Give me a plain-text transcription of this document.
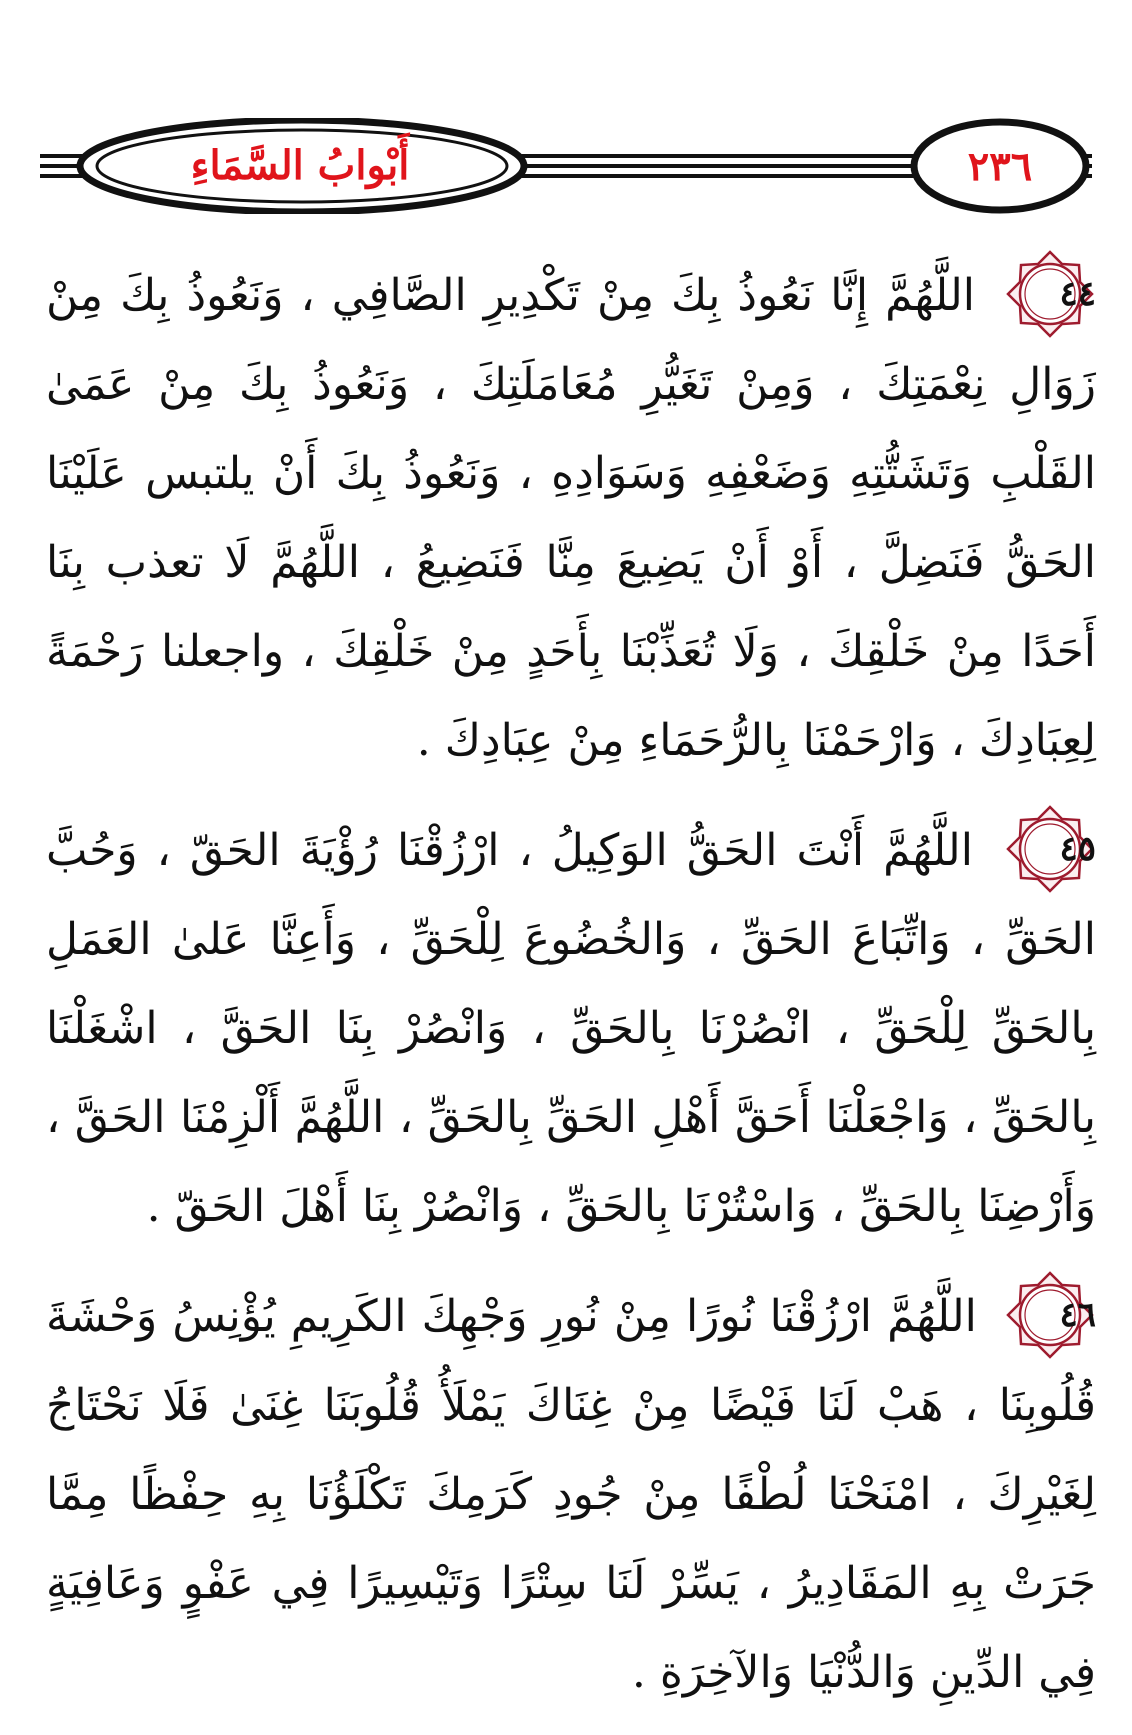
أَبْوابُ السَّمَاءِ	٢٣٦

٤٤
اللَّهُمَّ إِنَّا نَعُوذُ بِكَ مِنْ تَكْدِيرِ الصَّافِي ، وَنَعُوذُ بِكَ مِنْ زَوَالِ نِعْمَتِكَ ، وَمِنْ تَغَيُّرِ مُعَامَلَتِكَ ، وَنَعُوذُ بِكَ مِنْ عَمَىٰ القَلْبِ وَتَشَتُّتِهِ وَضَعْفِهِ وَسَوَادِهِ ، وَنَعُوذُ بِكَ أَنْ يلتبس عَلَيْنَا الحَقُّ فَنَضِلَّ ، أَوْ أَنْ يَضِيعَ مِنَّا فَنَضِيعُ ، اللَّهُمَّ لَا تعذب بِنَا أَحَدًا مِنْ خَلْقِكَ ، وَلَا تُعَذِّبْنَا بِأَحَدٍ مِنْ خَلْقِكَ ، واجعلنا رَحْمَةً لِعِبَادِكَ ، وَارْحَمْنَا بِالرُّحَمَاءِ مِنْ عِبَادِكَ .

٤٥
اللَّهُمَّ أَنْتَ الحَقُّ الوَكِيلُ ، ارْزُقْنَا رُؤْيَةَ الحَقّ ، وَحُبَّ الحَقِّ ، وَاتِّبَاعَ الحَقِّ ، وَالخُضُوعَ لِلْحَقِّ ، وَأَعِنَّا عَلىٰ العَمَلِ بِالحَقِّ لِلْحَقِّ ، انْصُرْنَا بِالحَقِّ ، وَانْصُرْ بِنَا الحَقَّ ، اشْغَلْنَا بِالحَقِّ ، وَاجْعَلْنَا أَحَقَّ أَهْلِ الحَقِّ بِالحَقِّ ، اللَّهُمَّ أَلْزِمْنَا الحَقَّ ، وَأَرْضِنَا بِالحَقِّ ، وَاسْتُرْنَا بِالحَقِّ ، وَانْصُرْ بِنَا أَهْلَ الحَقّ .

٤٦
اللَّهُمَّ ارْزُقْنَا نُورًا مِنْ نُورِ وَجْهِكَ الكَرِيمِ يُؤْنِسُ وَحْشَةَ قُلُوبِنَا ، هَبْ لَنَا فَيْضًا مِنْ غِنَاكَ يَمْلَأُ قُلُوبَنَا غِنَىٰ فَلَا نَحْتَاجُ لِغَيْرِكَ ، امْنَحْنَا لُطْفًا مِنْ جُودِ كَرَمِكَ تَكْلَؤُنَا بِهِ حِفْظًا مِمَّا جَرَتْ بِهِ المَقَادِيرُ ، يَسِّرْ لَنَا سِتْرًا وَتَيْسِيرًا فِي عَفْوٍ وَعَافِيَةٍ فِي الدِّينِ وَالدُّنْيَا وَالآخِرَةِ .
